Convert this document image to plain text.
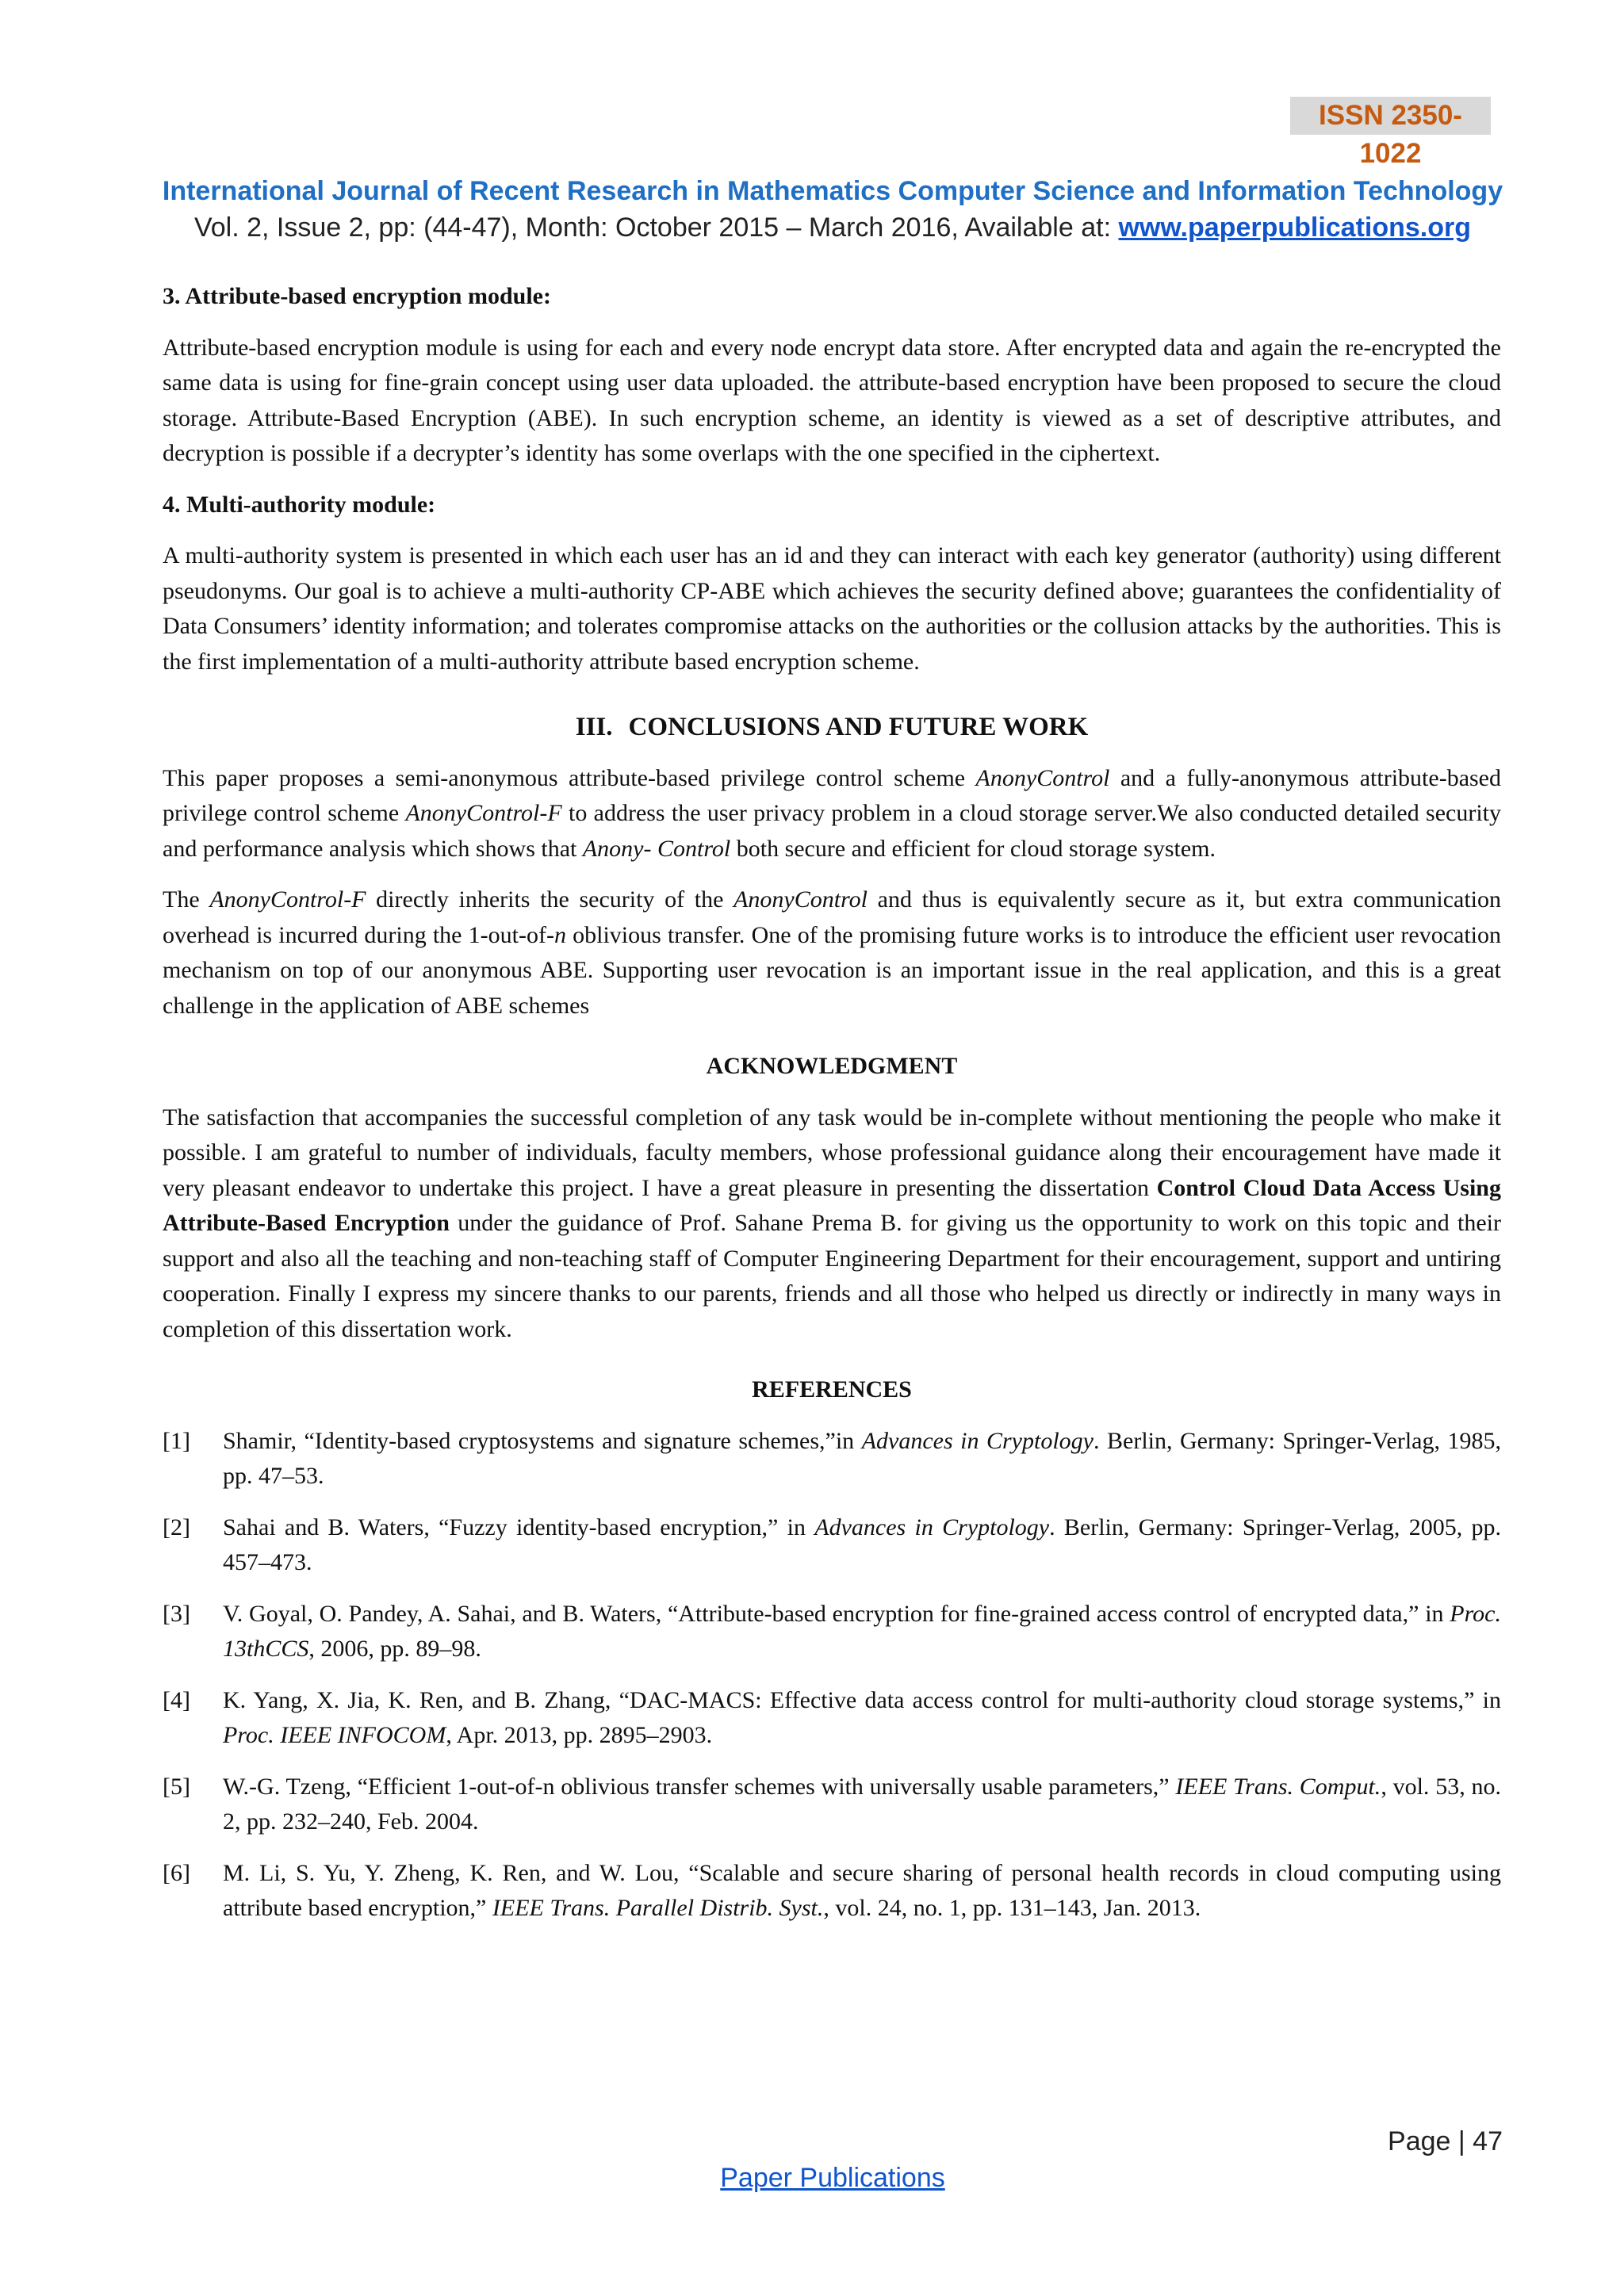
ISSN 2350-1022
International Journal of Recent Research in Mathematics Computer Science and Information Technology
Vol. 2, Issue 2, pp: (44-47), Month: October 2015 – March 2016, Available at: www.paperpublications.org
3. Attribute-based encryption module:

Attribute-based encryption module is using for each and every node encrypt data store. After encrypted data and again the re-encrypted the same data is using for fine-grain concept using user data uploaded. the attribute-based encryption have been proposed to secure the cloud storage. Attribute-Based Encryption (ABE). In such encryption scheme, an identity is viewed as a set of descriptive attributes, and decryption is possible if a decrypter’s identity has some overlaps with the one specified in the ciphertext.

4. Multi-authority module:

A multi-authority system is presented in which each user has an id and they can interact with each key generator (authority) using different pseudonyms. Our goal is to achieve a multi-authority CP-ABE which achieves the security defined above; guarantees the confidentiality of Data Consumers’ identity information; and tolerates compromise attacks on the authorities or the collusion attacks by the authorities. This is the first implementation of a multi-authority attribute based encryption scheme.

III. CONCLUSIONS AND FUTURE WORK

This paper proposes a semi-anonymous attribute-based privilege control scheme AnonyControl and a fully-anonymous attribute-based privilege control scheme AnonyControl-F to address the user privacy problem in a cloud storage server.We also conducted detailed security and performance analysis which shows that Anony- Control both secure and efficient for cloud storage system.

The AnonyControl-F directly inherits the security of the AnonyControl and thus is equivalently secure as it, but extra communication overhead is incurred during the 1-out-of-n oblivious transfer. One of the promising future works is to introduce the efficient user revocation mechanism on top of our anonymous ABE. Supporting user revocation is an important issue in the real application, and this is a great challenge in the application of ABE schemes

ACKNOWLEDGMENT

The satisfaction that accompanies the successful completion of any task would be in-complete without mentioning the people who make it possible. I am grateful to number of individuals, faculty members, whose professional guidance along their encouragement have made it very pleasant endeavor to undertake this project. I have a great pleasure in presenting the dissertation Control Cloud Data Access Using Attribute-Based Encryption under the guidance of Prof. Sahane Prema B. for giving us the opportunity to work on this topic and their support and also all the teaching and non-teaching staff of Computer Engineering Department for their encouragement, support and untiring cooperation. Finally I express my sincere thanks to our parents, friends and all those who helped us directly or indirectly in many ways in completion of this dissertation work.

REFERENCES
[1]	Shamir, “Identity-based cryptosystems and signature schemes,”in Advances in Cryptology. Berlin, Germany: Springer-Verlag, 1985, pp. 47–53.
[2]	Sahai and B. Waters, “Fuzzy identity-based encryption,” in Advances in Cryptology. Berlin, Germany: Springer-Verlag, 2005, pp. 457–473.
[3]	V. Goyal, O. Pandey, A. Sahai, and B. Waters, “Attribute-based encryption for fine-grained access control of encrypted data,” in Proc. 13thCCS, 2006, pp. 89–98.
[4]	K. Yang, X. Jia, K. Ren, and B. Zhang, “DAC-MACS: Effective data access control for multi-authority cloud storage systems,” in Proc. IEEE INFOCOM, Apr. 2013, pp. 2895–2903.
[5]	W.-G. Tzeng, “Efficient 1-out-of-n oblivious transfer schemes with universally usable parameters,” IEEE Trans. Comput., vol. 53, no. 2, pp. 232–240, Feb. 2004.
[6]	M. Li, S. Yu, Y. Zheng, K. Ren, and W. Lou, “Scalable and secure sharing of personal health records in cloud computing using attribute based encryption,” IEEE Trans. Parallel Distrib. Syst., vol. 24, no. 1, pp. 131–143, Jan. 2013.
Page | 47
Paper Publications
